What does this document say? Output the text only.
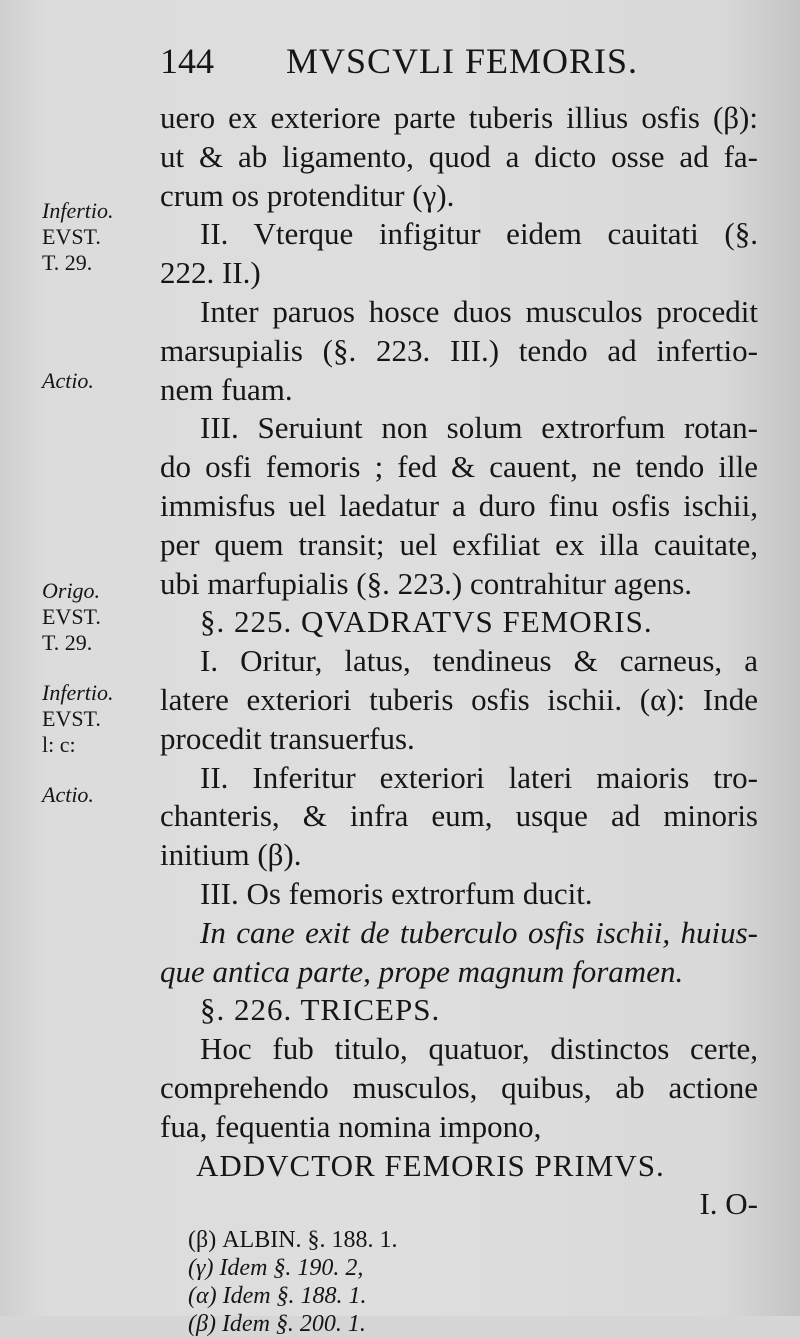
144 MVSCVLI FEMORIS.
Infertio.
EVST.
T. 29.
Actio.
Origo.
EVST.
T. 29.
Infertio.
EVST.
l: c:
Actio.
uero ex exteriore parte tuberis illius osfis (β):
ut & ab ligamento, quod a dicto osse ad fa-
crum os protenditur (γ).
II. Vterque infigitur eidem cauitati (§.
222. II.)
Inter paruos hosce duos musculos procedit
marsupialis (§. 223. III.) tendo ad infertio-
nem fuam.
III. Seruiunt non solum extrorfum rotan-
do osfi femoris ; fed & cauent, ne tendo ille
immisfus uel laedatur a duro finu osfis ischii,
per quem transit; uel exfiliat ex illa cauitate,
ubi marfupialis (§. 223.) contrahitur agens.
§. 225. QVADRATVS FEMORIS.
I. Oritur, latus, tendineus & carneus, a
latere exteriori tuberis osfis ischii. (α): Inde
procedit transuerfus.
II. Inferitur exteriori lateri maioris tro-
chanteris, & infra eum, usque ad minoris
initium (β).
III. Os femoris extrorfum ducit.
In cane exit de tuberculo osfis ischii, huius-
que antica parte, prope magnum foramen.
§. 226. TRICEPS.
Hoc fub titulo, quatuor, distinctos certe,
comprehendo musculos, quibus, ab actione
fua, fequentia nomina impono,
ADDVCTOR FEMORIS PRIMVS.
I. O-
(β) ALBIN. §. 188. 1.
(γ) Idem §. 190. 2,
(α) Idem §. 188. 1.
(β) Idem §. 200. 1.
